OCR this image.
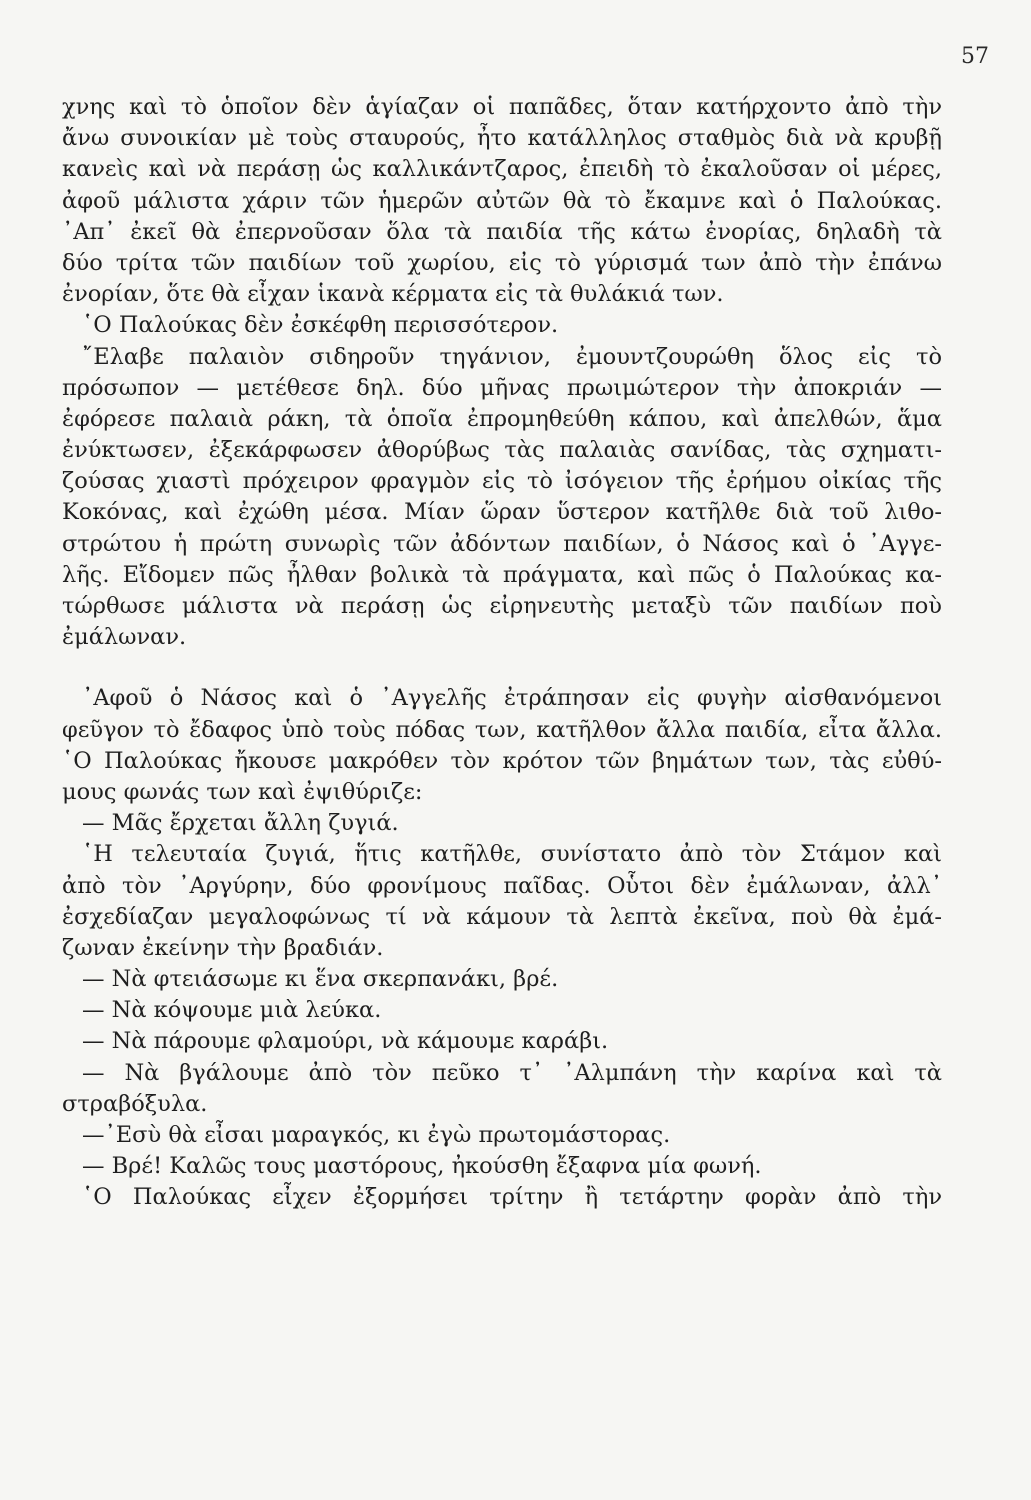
57
χνης καὶ τὸ ὁποῖον δὲν ἁγίαζαν οἱ παπᾶδες, ὅταν κατήρχοντο ἀπὸ τὴν
ἄνω συνοικίαν μὲ τοὺς σταυρούς, ἦτο κατάλληλος σταθμὸς διὰ νὰ κρυβῇ
κανεὶς καὶ νὰ περάσῃ ὡς καλλικάντζαρος, ἐπειδὴ τὸ ἐκαλοῦσαν οἱ μέρες,
ἀφοῦ μάλιστα χάριν τῶν ἡμερῶν αὐτῶν θὰ τὸ ἔκαμνε καὶ ὁ Παλούκας.
᾿Απ᾿ ἐκεῖ θὰ ἐπερνοῦσαν ὅλα τὰ παιδία τῆς κάτω ἐνορίας, δηλαδὴ τὰ
δύο τρίτα τῶν παιδίων τοῦ χωρίου, εἰς τὸ γύρισμά των ἀπὸ τὴν ἐπάνω
ἐνορίαν, ὅτε θὰ εἶχαν ἱκανὰ κέρματα εἰς τὰ θυλάκιά των.
῾Ο Παλούκας δὲν ἐσκέφθη περισσότερον.
῎Ελαβε παλαιὸν σιδηροῦν τηγάνιον, ἐμουντζουρώθη ὅλος εἰς τὸ
πρόσωπον — μετέθεσε δηλ. δύο μῆνας πρωιμώτερον τὴν ἀποκριάν —
ἐφόρεσε παλαιὰ ράκη, τὰ ὁποῖα ἐπρομηθεύθη κάπου, καὶ ἀπελθών, ἅμα
ἐνύκτωσεν, ἐξεκάρφωσεν ἀθορύβως τὰς παλαιὰς σανίδας, τὰς σχηματι-
ζούσας χιαστὶ πρόχειρον φραγμὸν εἰς τὸ ἰσόγειον τῆς ἐρήμου οἰκίας τῆς
Κοκόνας, καὶ ἐχώθη μέσα. Μίαν ὥραν ὕστερον κατῆλθε διὰ τοῦ λιθο-
στρώτου ἡ πρώτη συνωρὶς τῶν ἀδόντων παιδίων, ὁ Νάσος καὶ ὁ ᾿Αγγε-
λῆς. Εἴδομεν πῶς ἦλθαν βολικὰ τὰ πράγματα, καὶ πῶς ὁ Παλούκας κα-
τώρθωσε μάλιστα νὰ περάσῃ ὡς εἰρηνευτὴς μεταξὺ τῶν παιδίων ποὺ
ἐμάλωναν.
᾿Αφοῦ ὁ Νάσος καὶ ὁ ᾿Αγγελῆς ἐτράπησαν εἰς φυγὴν αἰσθανόμενοι
φεῦγον τὸ ἔδαφος ὑπὸ τοὺς πόδας των, κατῆλθον ἄλλα παιδία, εἶτα ἄλλα.
῾Ο Παλούκας ἤκουσε μακρόθεν τὸν κρότον τῶν βημάτων των, τὰς εὐθύ-
μους φωνάς των καὶ ἐψιθύριζε:
— Μᾶς ἔρχεται ἄλλη ζυγιά.
῾Η τελευταία ζυγιά, ἥτις κατῆλθε, συνίστατο ἀπὸ τὸν Στάμον καὶ
ἀπὸ τὸν ᾿Αργύρην, δύο φρονίμους παῖδας. Οὗτοι δὲν ἐμάλωναν, ἀλλ᾿
ἐσχεδίαζαν μεγαλοφώνως τί νὰ κάμουν τὰ λεπτὰ ἐκεῖνα, ποὺ θὰ ἐμά-
ζωναν ἐκείνην τὴν βραδιάν.
— Νὰ φτειάσωμε κι ἕνα σκερπανάκι, βρέ.
— Νὰ κόψουμε μιὰ λεύκα.
— Νὰ πάρουμε φλαμούρι, νὰ κάμουμε καράβι.
— Νὰ βγάλουμε ἀπὸ τὸν πεῦκο τ᾿ ᾿Αλμπάνη τὴν καρίνα καὶ τὰ
στραβόξυλα.
—᾿Εσὺ θὰ εἶσαι μαραγκός, κι ἐγὼ πρωτομάστορας.
— Βρέ! Καλῶς τους μαστόρους, ἠκούσθη ἔξαφνα μία φωνή.
῾Ο Παλούκας εἶχεν ἐξορμήσει τρίτην ἢ τετάρτην φορὰν ἀπὸ τὴν
